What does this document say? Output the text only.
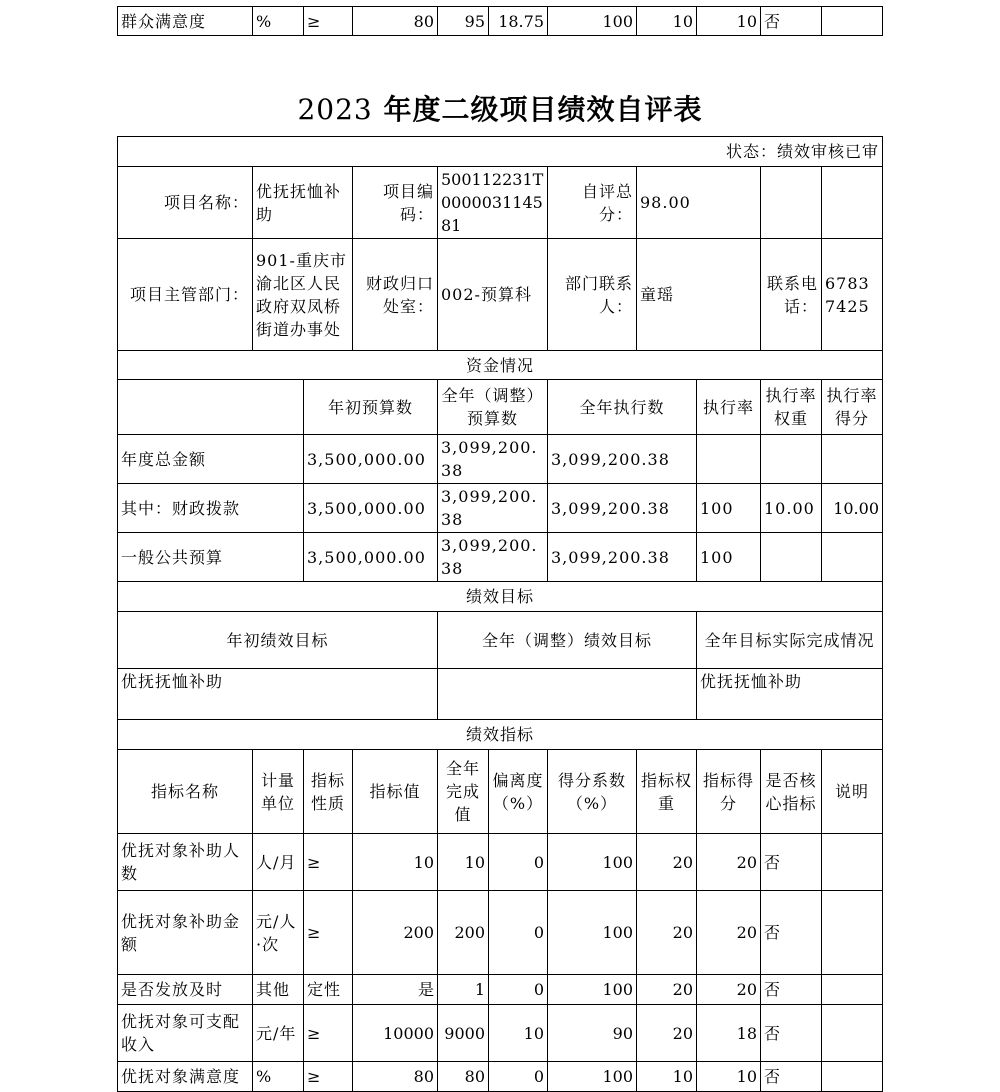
群众满意度	%	≥	80	95	18.75	100	10	10	否	
2023 年度二级项目绩效自评表
状态：绩效审核已审										
项目名称：	优抚抚恤补助		项目编码：	500112231T000003114581		自评总分：	98.00			
项目主管部门：	901-重庆市渝北区人民政府双凤桥街道办事处		财政归口处室：	002-预算科		部门联系人：	童瑶		联系电话：	67837425
资金情况										
		年初预算数		全年（调整）预算数		全年执行数		执行率	执行率权重	执行率得分
年度总金额		3,500,000.00		3,099,200.38		3,099,200.38				
其中：财政拨款		3,500,000.00		3,099,200.38		3,099,200.38		100	10.00	10.00
一般公共预算		3,500,000.00		3,099,200.38		3,099,200.38		100		
绩效目标										
年初绩效目标				全年（调整）绩效目标				全年目标实际完成情况		
优抚抚恤补助								优抚抚恤补助		
绩效指标										
指标名称	计量单位	指标性质	指标值	全年完成值	偏离度（%）	得分系数（%）	指标权重	指标得分	是否核心指标	说明
优抚对象补助人数	人/月	≥	10	10	0	100	20	20	否	
优抚对象补助金额	元/人·次	≥	200	200	0	100	20	20	否	
是否发放及时	其他	定性	是	1	0	100	20	20	否	
优抚对象可支配收入	元/年	≥	10000	9000	10	90	20	18	否	
优抚对象满意度	%	≥	80	80	0	100	10	10	否	
